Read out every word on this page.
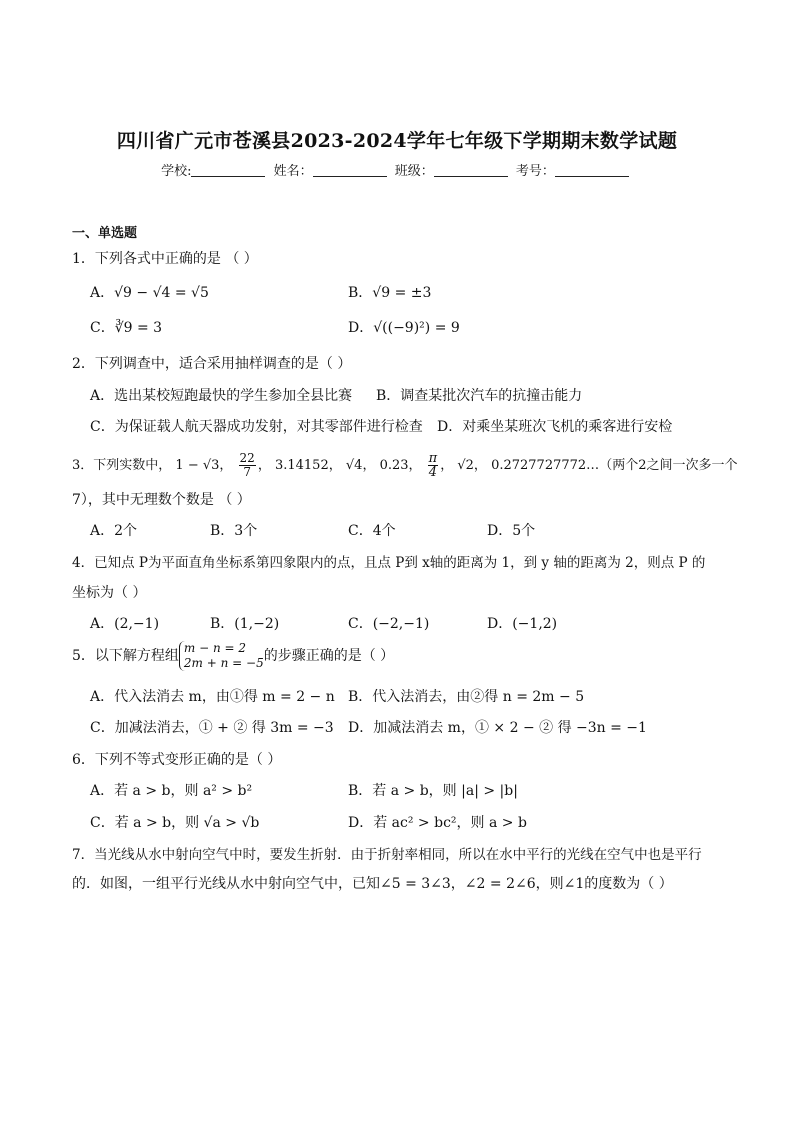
四川省广元市苍溪县2023-2024学年七年级下学期期末数学试题
学校:	姓名：	班级：	考号：
一、单选题
1．下列各式中正确的是 （ ）
A．√9 − √4 = √5	B．√9 = ±3
C．∛9 = 3	D．√((−9)²) = 9
2．下列调查中，适合采用抽样调查的是（ ）
A．选出某校短跑最快的学生参加全县比赛 B．调查某批次汽车的抗撞击能力
C．为保证载人航天器成功发射，对其零部件进行检查 D．对乘坐某班次飞机的乘客进行安检
3．下列实数中， 1 − √3， $\frac{22}{7}$ ， 3.14152， √4， 0.23， $\frac{\pi}{4}$ ， √2， 0.2727727772…（两个2之间一次多一个
7），其中无理数个数是 （ ）
A．2个	B．3个	C．4个	D．5个
4．已知点 P为平面直角坐标系第四象限内的点，且点 P到 x轴的距离为 1，到 y 轴的距离为 2，则点 P 的
坐标为（ ）
A．(2,−1)	B．(1,−2)	C．(−2,−1)	D．(−1,2)
5．以下解方程组 m − n = 2
2m + n = −5 的步骤正确的是（ ）
A．代入法消去 m，由①得 m = 2 − n B．代入法消去，由②得 n = 2m − 5
C．加减法消去，① + ② 得 3m = −3 D．加减法消去 m，① × 2 − ② 得 −3n = −1
6．下列不等式变形正确的是（ ）
A．若 a > b，则 a² > b²	B．若 a > b，则 |a| > |b|
C．若 a > b，则 √a > √b	D．若 ac² > bc²，则 a > b
7．当光线从水中射向空气中时，要发生折射．由于折射率相同，所以在水中平行的光线在空气中也是平行
的．如图，一组平行光线从水中射向空气中，已知∠5 = 3∠3，∠2 = 2∠6，则∠1的度数为（ ）
